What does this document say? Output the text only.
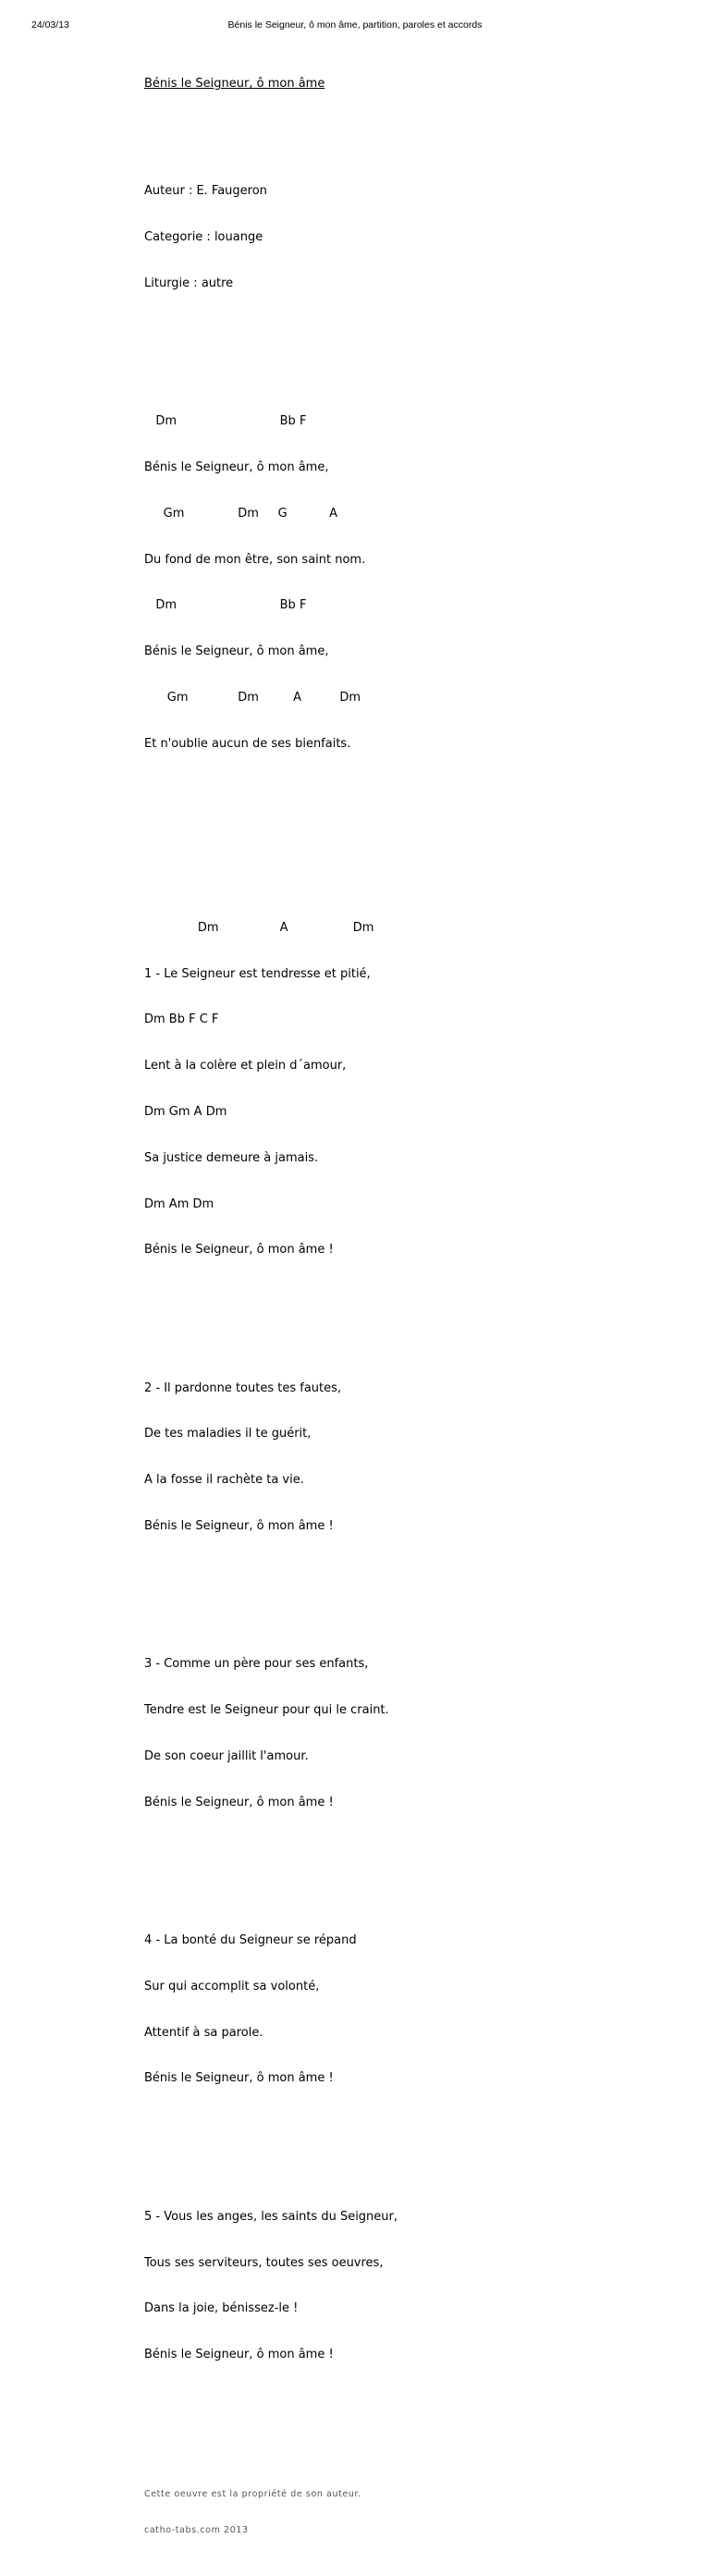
24/03/13	Bénis le Seigneur, ô mon âme, partition, paroles et accords

Bénis le Seigneur, ô mon âme

Auteur : E. Faugeron

Categorie : louange

Liturgie : autre

Dm                           Bb F

Bénis le Seigneur, ô mon âme,

Gm              Dm     G           A

Du fond de mon être, son saint nom.

Dm                           Bb F

Bénis le Seigneur, ô mon âme,

Gm             Dm         A          Dm

Et n'oublie aucun de ses bienfaits.

Dm                A                 Dm

1 - Le Seigneur est tendresse et pitié,

Dm Bb F C F

Lent à la colère et plein d´amour,

Dm Gm A Dm

Sa justice demeure à jamais.

Dm Am Dm

Bénis le Seigneur, ô mon âme !

2 - Il pardonne toutes tes fautes,

De tes maladies il te guérit,

A la fosse il rachète ta vie.

Bénis le Seigneur, ô mon âme !

3 - Comme un père pour ses enfants,

Tendre est le Seigneur pour qui le craint.

De son coeur jaillit l'amour.

Bénis le Seigneur, ô mon âme !

4 - La bonté du Seigneur se répand

Sur qui accomplit sa volonté,

Attentif à sa parole.

Bénis le Seigneur, ô mon âme !

5 - Vous les anges, les saints du Seigneur,

Tous ses serviteurs, toutes ses oeuvres,

Dans la joie, bénissez-le !

Bénis le Seigneur, ô mon âme !

Cette oeuvre est la propriété de son auteur.

catho-tabs.com 2013
